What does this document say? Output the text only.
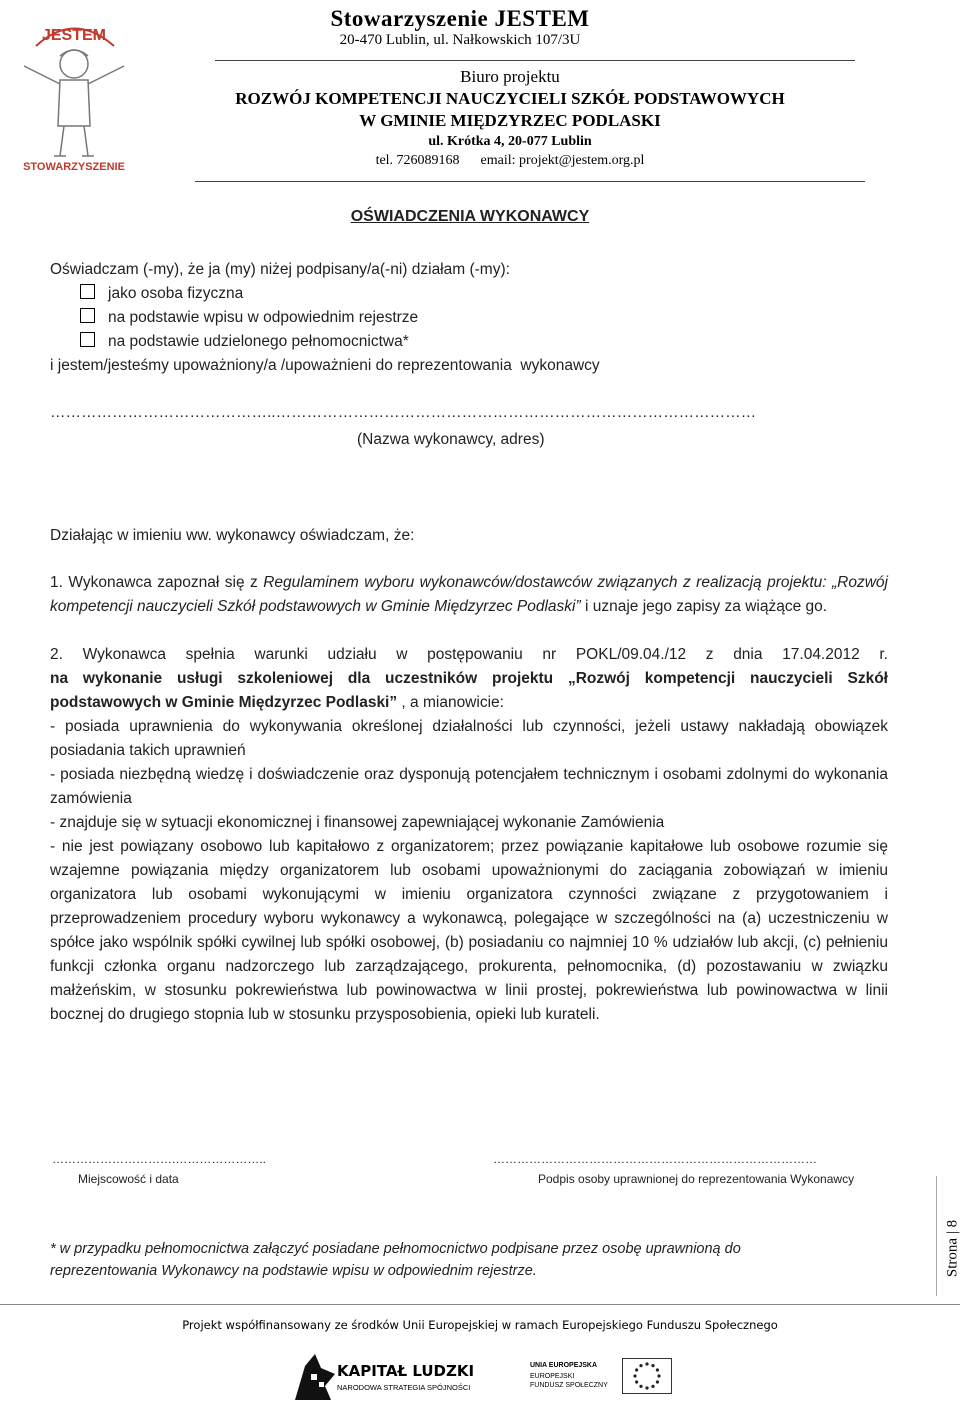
JESTEM
STOWARZYSZENIE
Stowarzyszenie JESTEM
20-470 Lublin, ul. Nałkowskich 107/3U
Biuro projektu
ROZWÓJ KOMPETENCJI NAUCZYCIELI SZKÓŁ PODSTAWOWYCH
W GMINIE MIĘDZYRZEC PODLASKI
ul. Krótka 4, 20-077 Lublin
tel. 726089168      email: projekt@jestem.org.pl
OŚWIADCZENIA WYKONAWCY
Oświadczam (-my), że ja (my) niżej podpisany/a(-ni) działam (-my):
jako osoba fizyczna
na podstawie wpisu w odpowiednim rejestrze
na podstawie udzielonego pełnomocnictwa*
i jestem/jesteśmy upoważniony/a /upoważnieni do reprezentowania  wykonawcy
……………………………………..…………………………………………………………………………………
(Nazwa wykonawcy, adres)
Działając w imieniu ww. wykonawcy oświadczam, że:
1. Wykonawca zapoznał się z Regulaminem wyboru wykonawców/dostawców związanych z realizacją projektu: „Rozwój kompetencji nauczycieli Szkół podstawowych w Gminie Międzyrzec Podlaski” i uznaje jego zapisy za wiążące go.
2. Wykonawca spełnia warunki udziału w postępowaniu nr POKL/09.04./12 z dnia 17.04.2012 r.
na wykonanie usługi szkoleniowej dla uczestników projektu „Rozwój kompetencji nauczycieli Szkół podstawowych w Gminie Międzyrzec Podlaski” , a mianowicie:
- posiada uprawnienia do wykonywania określonej działalności lub czynności, jeżeli ustawy nakładają obowiązek posiadania takich uprawnień
- posiada niezbędną wiedzę i doświadczenie oraz dysponują potencjałem technicznym i osobami zdolnymi do wykonania zamówienia
- znajduje się w sytuacji ekonomicznej i finansowej zapewniającej wykonanie Zamówienia
- nie jest powiązany osobowo lub kapitałowo z organizatorem; przez powiązanie kapitałowe lub osobowe rozumie się wzajemne powiązania między organizatorem lub osobami upoważnionymi do zaciągania zobowiązań w imieniu organizatora lub osobami wykonującymi w imieniu organizatora czynności związane z przygotowaniem i przeprowadzeniem procedury wyboru wykonawcy a wykonawcą, polegające w szczególności na (a) uczestniczeniu w spółce jako wspólnik spółki cywilnej lub spółki osobowej, (b) posiadaniu co najmniej 10 % udziałów lub akcji, (c) pełnieniu funkcji członka organu nadzorczego lub zarządzającego, prokurenta, pełnomocnika, (d) pozostawaniu w związku małżeńskim, w stosunku pokrewieństwa lub powinowactwa w linii prostej, pokrewieństwa lub powinowactwa w linii bocznej do drugiego stopnia lub w stosunku przysposobienia, opieki lub kurateli.
………………………….…………………..
Miejscowość i data
………………………………………………………………………
Podpis osoby uprawnionej do reprezentowania Wykonawcy
* w przypadku pełnomocnictwa załączyć posiadane pełnomocnictwo podpisane przez osobę uprawnioną do reprezentowania Wykonawcy na podstawie wpisu w odpowiednim rejestrze.	Strona | 8
Projekt współfinansowany ze środków Unii Europejskiej w ramach Europejskiego Funduszu Społecznego
KAPITAŁ LUDZKI
NARODOWA STRATEGIA SPÓJNOŚCI
UNIA EUROPEJSKA
EUROPEJSKI
FUNDUSZ SPOŁECZNY
